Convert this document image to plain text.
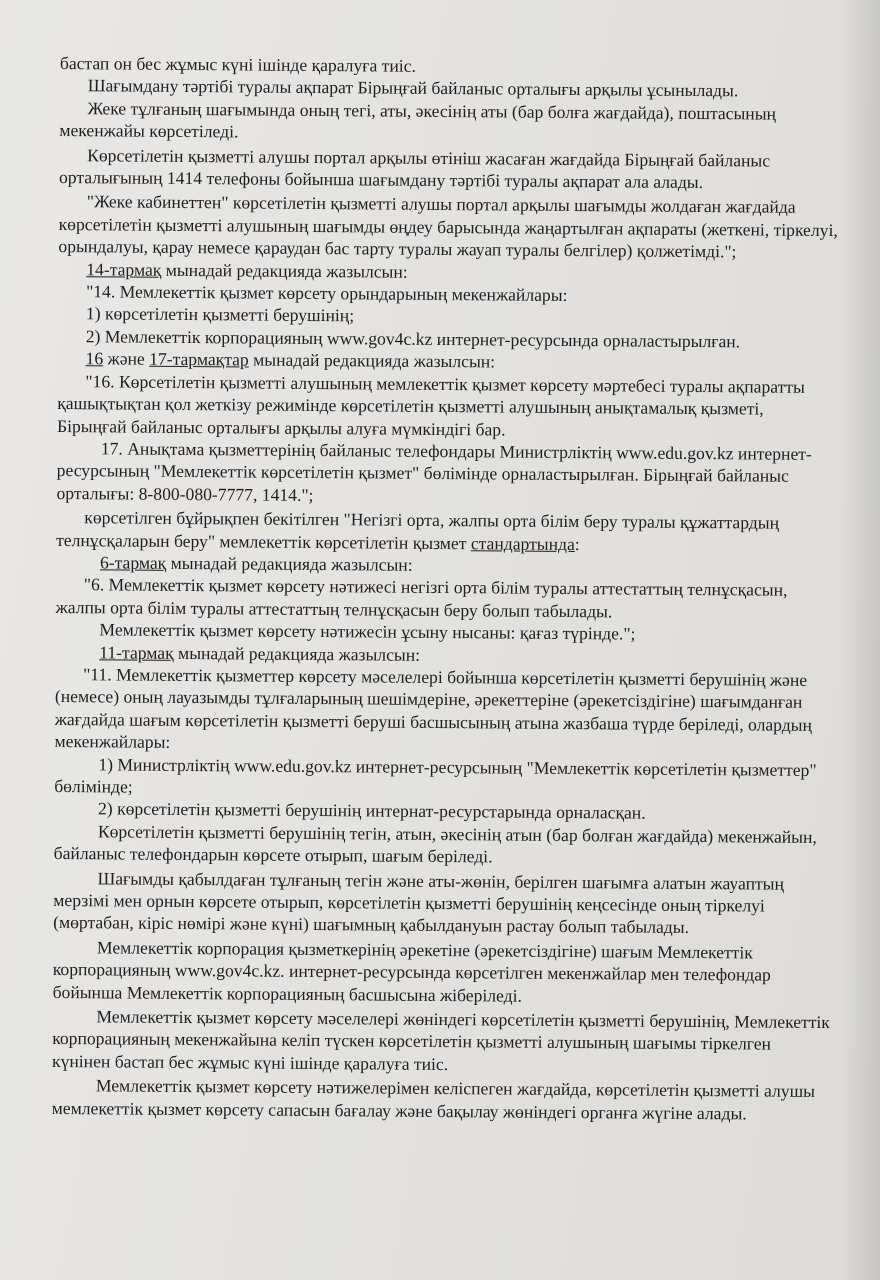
бастап он бес жұмыс күні ішінде қаралуға тиіс.

Шағымдану тәртібі туралы ақпарат Бірыңғай байланыс орталығы арқылы ұсынылады.

Жеке тұлғаның шағымында оның тегі, аты, әкесінің аты (бар болға жағдайда), поштасының мекенжайы көрсетіледі.

Көрсетілетін қызметті алушы портал арқылы өтініш жасаған жағдайда Бірыңғай байланыс орталығының 1414 телефоны бойынша шағымдану тәртібі туралы ақпарат ала алады.

"Жеке кабинеттен" көрсетілетін қызметті алушы портал арқылы шағымды жолдаған жағдайда көрсетілетін қызметті алушының шағымды өңдеу барысында жаңартылған ақпараты (жеткені, тіркелуі, орындалуы, қарау немесе қараудан бас тарту туралы жауап туралы белгілер) қолжетімді.";

14-тармақ мынадай редакцияда жазылсын:

"14. Мемлекеттік қызмет көрсету орындарының мекенжайлары:

1) көрсетілетін қызметті берушінің;

2) Мемлекеттік корпорацияның www.gov4c.kz интернет-ресурсында орналастырылған.

16 және 17-тармақтар мынадай редакцияда жазылсын:

"16. Көрсетілетін қызметті алушының мемлекеттік қызмет көрсету мәртебесі туралы ақпаратты қашықтықтан қол жеткізу режимінде көрсетілетін қызметті алушының анықтамалық қызметі, Бірыңғай байланыс орталығы арқылы алуға мүмкіндігі бар.

17. Анықтама қызметтерінің байланыс телефондары Министрліктің www.edu.gov.kz интернет-ресурсының "Мемлекеттік көрсетілетін қызмет" бөлімінде орналастырылған. Бірыңғай байланыс орталығы: 8-800-080-7777, 1414.";

көрсетілген бұйрықпен бекітілген "Негізгі орта, жалпы орта білім беру туралы құжаттардың телнұсқаларын беру" мемлекеттік көрсетілетін қызмет стандартында:

6-тармақ мынадай редакцияда жазылсын:

"6. Мемлекеттік қызмет көрсету нәтижесі негізгі орта білім туралы аттестаттың телнұсқасын, жалпы орта білім туралы аттестаттың телнұсқасын беру болып табылады.

Мемлекеттік қызмет көрсету нәтижесін ұсыну нысаны: қағаз түрінде.";

11-тармақ мынадай редакцияда жазылсын:

"11. Мемлекеттік қызметтер көрсету мәселелері бойынша көрсетілетін қызметті берушінің және (немесе) оның лауазымды тұлғаларының шешімдеріне, әрекеттеріне (әрекетсіздігіне) шағымданған жағдайда шағым көрсетілетін қызметті беруші басшысының атына жазбаша түрде беріледі, олардың мекенжайлары:

1) Министрліктің www.edu.gov.kz интернет-ресурсының "Мемлекеттік көрсетілетін қызметтер" бөлімінде;

2) көрсетілетін қызметті берушінің интернат-ресурстарында орналасқан.

Көрсетілетін қызметті берушінің тегін, атын, әкесінің атын (бар болған жағдайда) мекенжайын, байланыс телефондарын көрсете отырып, шағым беріледі.

Шағымды қабылдаған тұлғаның тегін және аты-жөнін, берілген шағымға алатын жауаптың мерзімі мен орнын көрсете отырып, көрсетілетін қызметті берушінің кеңсесінде оның тіркелуі (мөртабан, кіріс нөмірі және күні) шағымның қабылдануын растау болып табылады.

Мемлекеттік корпорация қызметкерінің әрекетіне (әрекетсіздігіне) шағым Мемлекеттік корпорацияның www.gov4c.kz. интернет-ресурсында көрсетілген мекенжайлар мен телефондар бойынша Мемлекеттік корпорацияның басшысына жіберіледі.

Мемлекеттік қызмет көрсету мәселелері жөніндегі көрсетілетін қызметті берушінің, Мемлекеттік корпорацияның мекенжайына келіп түскен көрсетілетін қызметті алушының шағымы тіркелген күнінен бастап бес жұмыс күні ішінде қаралуға тиіс.

Мемлекеттік қызмет көрсету нәтижелерімен келіспеген жағдайда, көрсетілетін қызметті алушы мемлекеттік қызмет көрсету сапасын бағалау және бақылау жөніндегі органға жүгіне алады.
